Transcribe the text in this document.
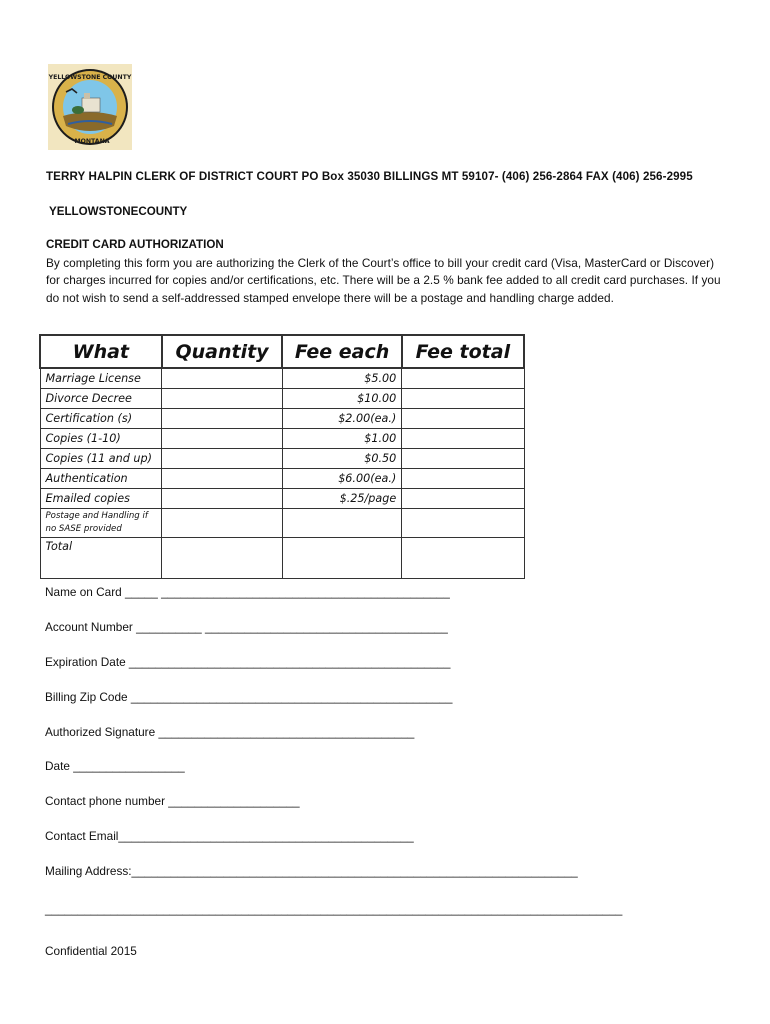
YELLOWSTONE COUNTY
MONTANA
TERRY HALPIN CLERK OF DISTRICT COURT PO Box 35030 BILLINGS MT 59107- (406) 256-2864 FAX (406) 256-2995
YELLOWSTONECOUNTY
CREDIT CARD AUTHORIZATION
By completing this form you are authorizing the Clerk of the Court’s office to bill your credit card (Visa, MasterCard or Discover) for charges incurred for copies and/or certifications, etc. There will be a 2.5 % bank fee added to all credit card purchases. If you do not wish to send a self-addressed stamped envelope there will be a postage and handling charge added.
What	Quantity	Fee each	Fee total
Marriage License		$5.00	
Divorce Decree		$10.00	
Certification (s)		$2.00(ea.)	
Copies (1-10)		$1.00	
Copies (11 and up)		$0.50	
Authentication		$6.00(ea.)	
Emailed copies		$.25/page	
Postage and Handling if no SASE provided			
Total			
Name on Card _____ ____________________________________________
Account Number __________ _____________________________________
Expiration Date _________________________________________________
Billing Zip Code _________________________________________________
Authorized Signature _______________________________________
Date _________________
Contact phone number ____________________
Contact Email_____________________________________________
Mailing Address:____________________________________________________________________
________________________________________________________________________________________
Confidential 2015
